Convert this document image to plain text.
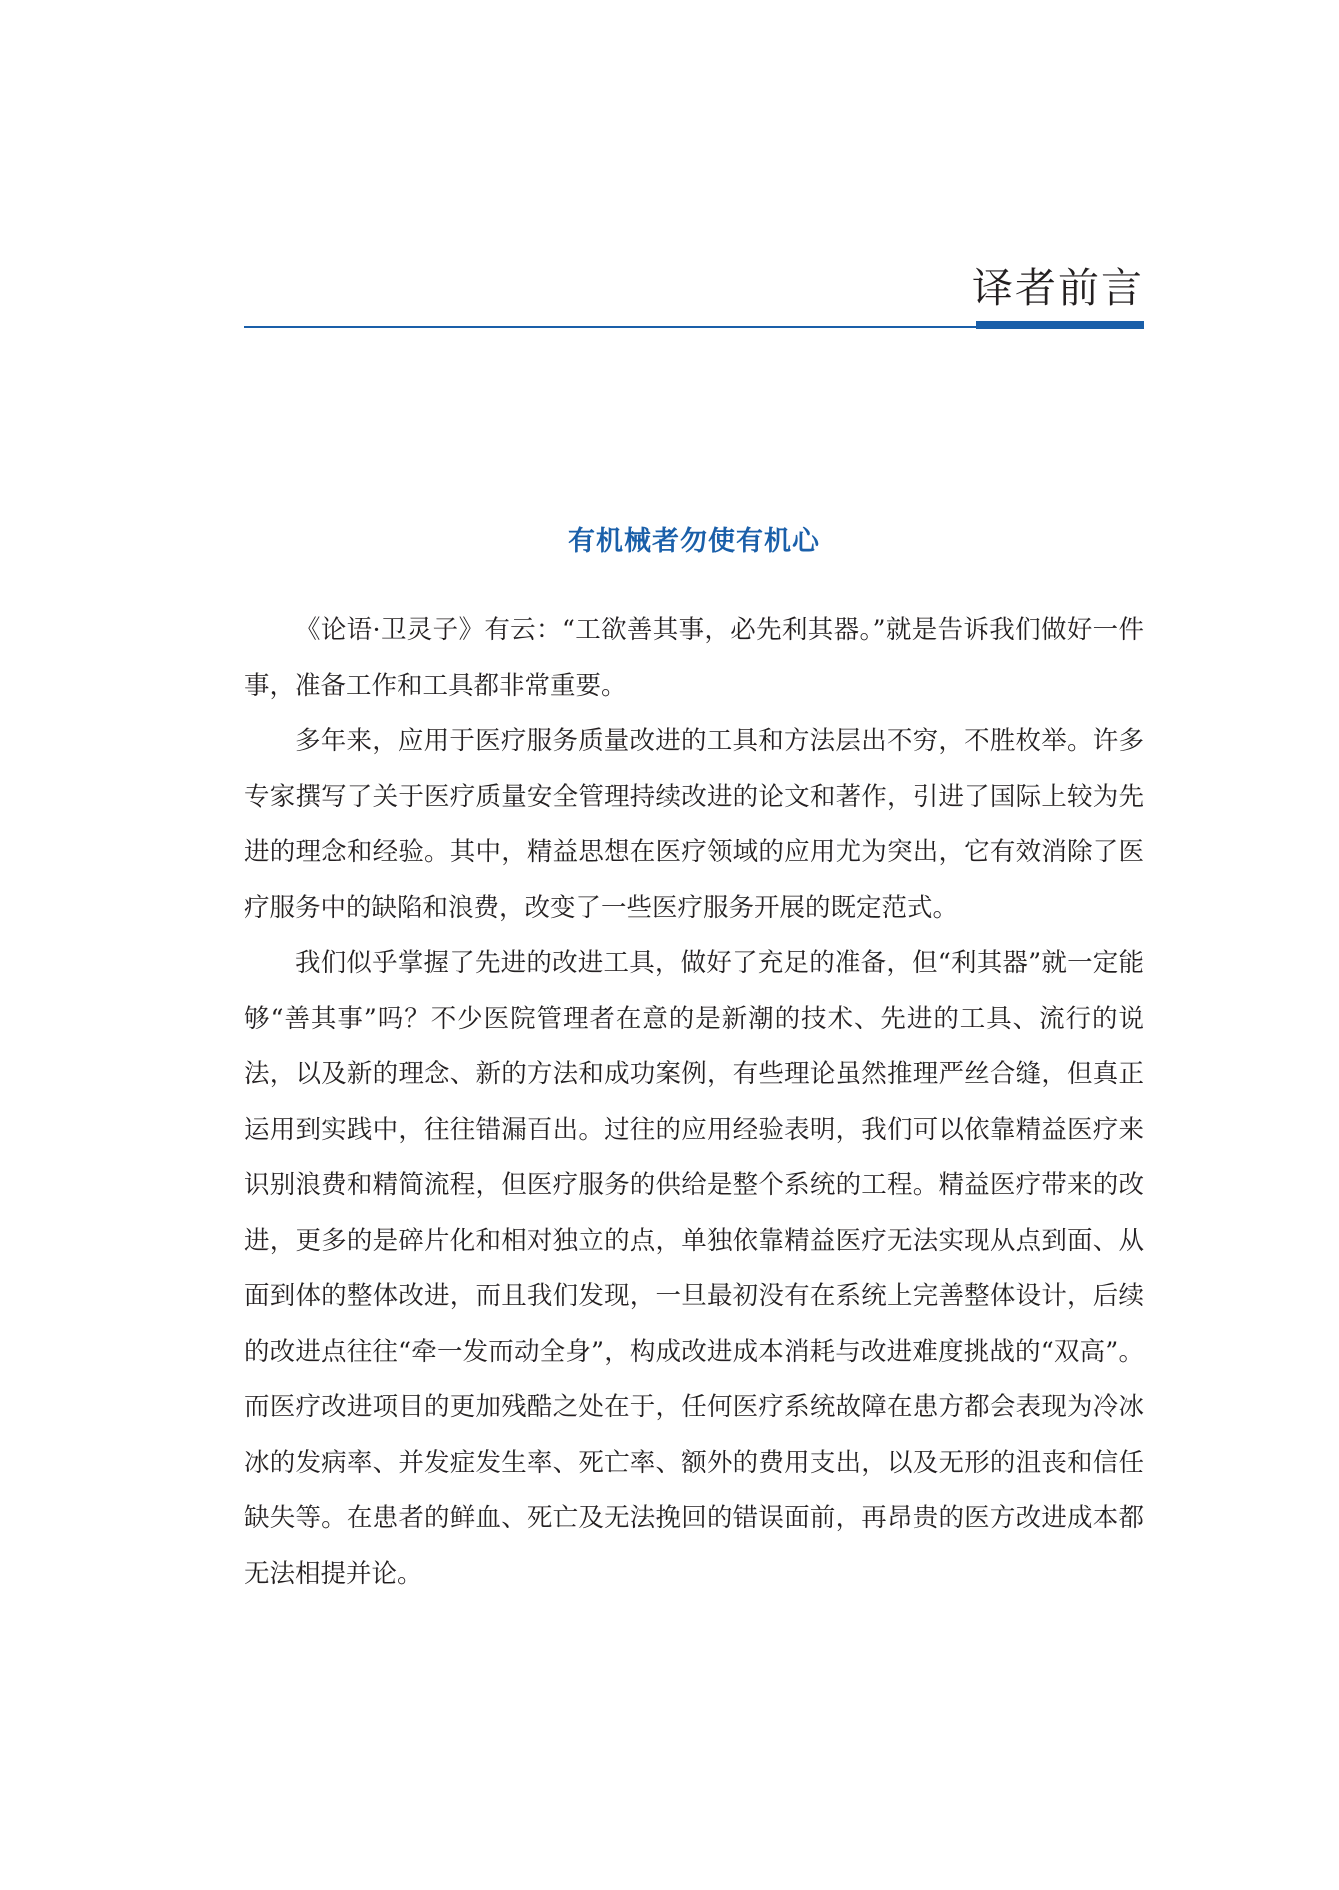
译者前言
有机械者勿使有机心

《论语·卫灵子》有云：“工欲善其事，必先利其器。”就是告诉我们做好一件事，准备工作和工具都非常重要。

多年来，应用于医疗服务质量改进的工具和方法层出不穷，不胜枚举。许多专家撰写了关于医疗质量安全管理持续改进的论文和著作，引进了国际上较为先进的理念和经验。其中，精益思想在医疗领域的应用尤为突出，它有效消除了医疗服务中的缺陷和浪费，改变了一些医疗服务开展的既定范式。

我们似乎掌握了先进的改进工具，做好了充足的准备，但“利其器”就一定能够“善其事”吗？不少医院管理者在意的是新潮的技术、先进的工具、流行的说法，以及新的理念、新的方法和成功案例，有些理论虽然推理严丝合缝，但真正运用到实践中，往往错漏百出。过往的应用经验表明，我们可以依靠精益医疗来识别浪费和精简流程，但医疗服务的供给是整个系统的工程。精益医疗带来的改进，更多的是碎片化和相对独立的点，单独依靠精益医疗无法实现从点到面、从面到体的整体改进，而且我们发现，一旦最初没有在系统上完善整体设计，后续的改进点往往“牵一发而动全身”，构成改进成本消耗与改进难度挑战的“双高”。而医疗改进项目的更加残酷之处在于，任何医疗系统故障在患方都会表现为冷冰冰的发病率、并发症发生率、死亡率、额外的费用支出，以及无形的沮丧和信任缺失等。在患者的鲜血、死亡及无法挽回的错误面前，再昂贵的医方改进成本都无法相提并论。
